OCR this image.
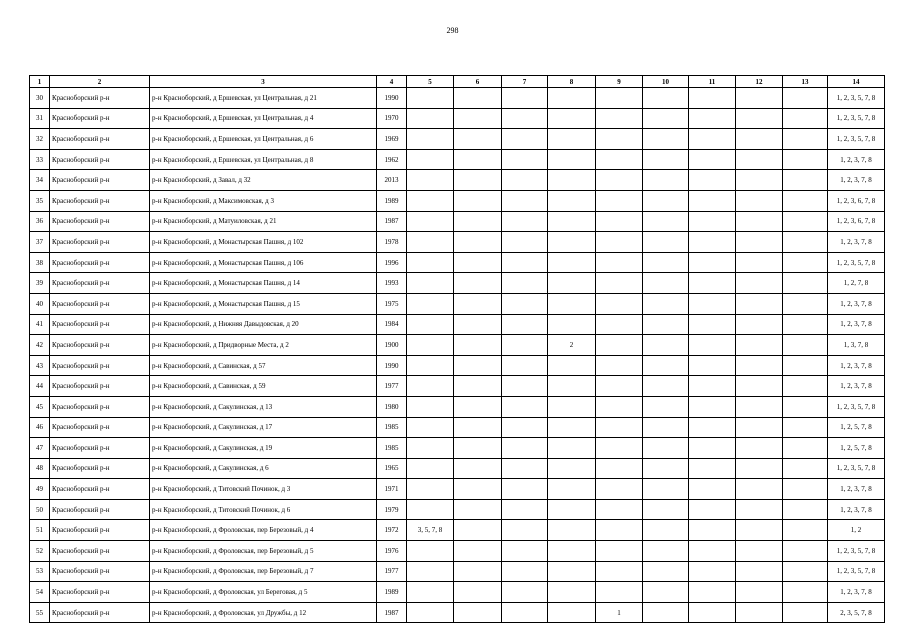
298
1	2	3	4	5	6	7	8	9	10	11	12	13	14
30	Красноборский р-н	р-н Красноборский, д Ершевская, ул Центральная, д 21	1990										1, 2, 3, 5, 7, 8
31	Красноборский р-н	р-н Красноборский, д Ершевская, ул Центральная, д 4	1970										1, 2, 3, 5, 7, 8
32	Красноборский р-н	р-н Красноборский, д Ершевская, ул Центральная, д 6	1969										1, 2, 3, 5, 7, 8
33	Красноборский р-н	р-н Красноборский, д Ершевская, ул Центральная, д 8	1962										1, 2, 3, 7, 8
34	Красноборский р-н	р-н Красноборский, д Завал, д 32	2013										1, 2, 3, 7, 8
35	Красноборский р-н	р-н Красноборский, д Максимовская, д 3	1989										1, 2, 3, 6, 7, 8
36	Красноборский р-н	р-н Красноборский, д Матуиловская, д 21	1987										1, 2, 3, 6, 7, 8
37	Красноборский р-н	р-н Красноборский, д Монастырская Пашня, д 102	1978										1, 2, 3, 7, 8
38	Красноборский р-н	р-н Красноборский, д Монастырская Пашня, д 106	1996										1, 2, 3, 5, 7, 8
39	Красноборский р-н	р-н Красноборский, д Монастырская Пашня, д 14	1993										1, 2, 7, 8
40	Красноборский р-н	р-н Красноборский, д Монастырская Пашня, д 15	1975										1, 2, 3, 7, 8
41	Красноборский р-н	р-н Красноборский, д Нижняя Давыдовская, д 20	1984										1, 2, 3, 7, 8
42	Красноборский р-н	р-н Красноборский, д Придворные Места, д 2	1900				2						1, 3, 7, 8
43	Красноборский р-н	р-н Красноборский, д Савинская, д 57	1990										1, 2, 3, 7, 8
44	Красноборский р-н	р-н Красноборский, д Савинская, д 59	1977										1, 2, 3, 7, 8
45	Красноборский р-н	р-н Красноборский, д Сакулинская, д 13	1980										1, 2, 3, 5, 7, 8
46	Красноборский р-н	р-н Красноборский, д Сакулинская, д 17	1985										1, 2, 5, 7, 8
47	Красноборский р-н	р-н Красноборский, д Сакулинская, д 19	1985										1, 2, 5, 7, 8
48	Красноборский р-н	р-н Красноборский, д Сакулинская, д 6	1965										1, 2, 3, 5, 7, 8
49	Красноборский р-н	р-н Красноборский, д Титовский Починок, д 3	1971										1, 2, 3, 7, 8
50	Красноборский р-н	р-н Красноборский, д Титовский Починок, д 6	1979										1, 2, 3, 7, 8
51	Красноборский р-н	р-н Красноборский, д Фроловская, пер Березовый, д 4	1972	3, 5, 7, 8									1, 2
52	Красноборский р-н	р-н Красноборский, д Фроловская, пер Березовый, д 5	1976										1, 2, 3, 5, 7, 8
53	Красноборский р-н	р-н Красноборский, д Фроловская, пер Березовый, д 7	1977										1, 2, 3, 5, 7, 8
54	Красноборский р-н	р-н Красноборский, д Фроловская, ул Береговая, д 5	1989										1, 2, 3, 7, 8
55	Красноборский р-н	р-н Красноборский, д Фроловская, ул Дружбы, д 12	1987					1					2, 3, 5, 7, 8
